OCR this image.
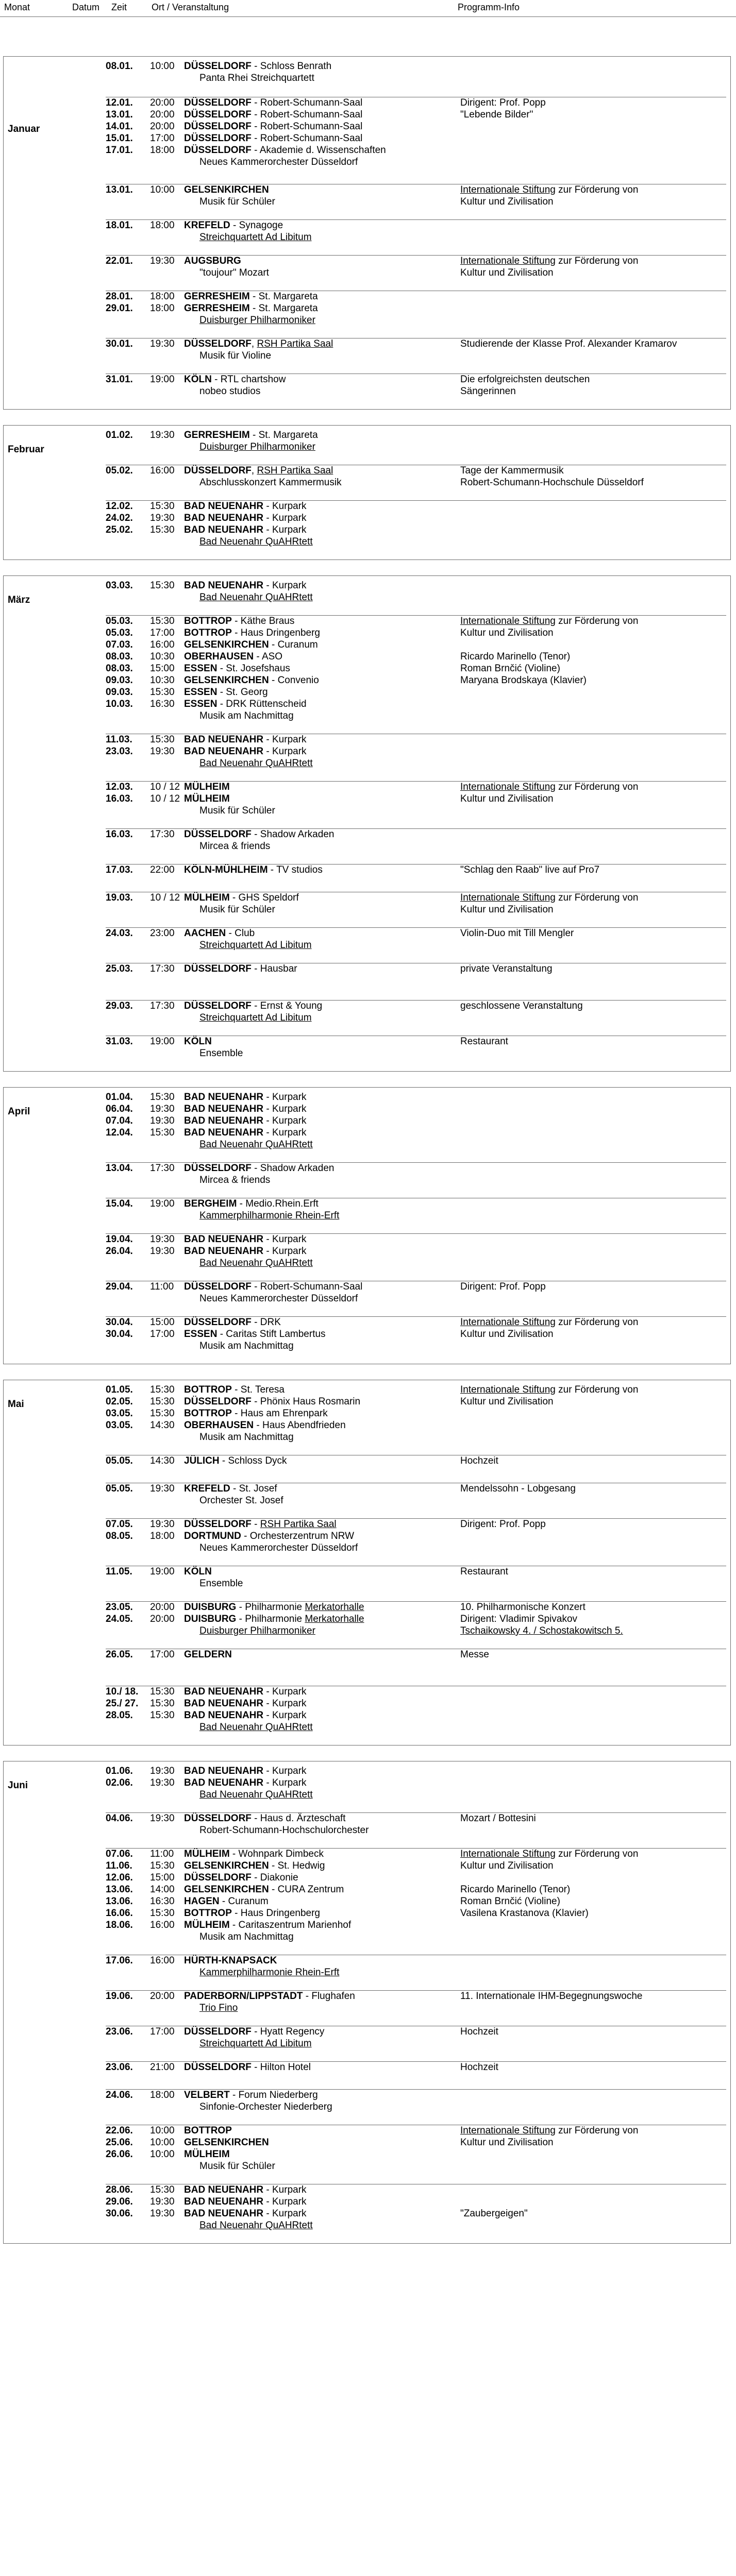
Monat	Datum Zeit	Ort / Veranstaltung	Programm-Info
Januar
08.01.	10:00 DÜSSELDORF - Schloss Benrath
Panta Rhei Streichquartett
12.01.	20:00 DÜSSELDORF - Robert-Schumann-Saal	Dirigent: Prof. Popp
13.01.	20:00 DÜSSELDORF - Robert-Schumann-Saal	"Lebende Bilder"
14.01.	20:00 DÜSSELDORF - Robert-Schumann-Saal
15.01.	17:00 DÜSSELDORF - Robert-Schumann-Saal
17.01.	18:00 DÜSSELDORF - Akademie d. Wissenschaften
Neues Kammerorchester Düsseldorf
13.01.	10:00 GELSENKIRCHEN	Internationale Stiftung zur Förderung von
Musik für Schüler	Kultur und Zivilisation
18.01.	18:00 KREFELD - Synagoge
Streichquartett Ad Libitum
22.01.	19:30 AUGSBURG	Internationale Stiftung zur Förderung von
"toujour" Mozart	Kultur und Zivilisation
28.01.	18:00 GERRESHEIM - St. Margareta
29.01.	18:00 GERRESHEIM - St. Margareta
Duisburger Philharmoniker
30.01.	19:30 DÜSSELDORF, RSH Partika Saal	Studierende der Klasse Prof. Alexander Kramarov
Musik für Violine
31.01.	19:00 KÖLN - RTL chartshow	Die erfolgreichsten deutschen
nobeo studios	Sängerinnen
Februar
01.02.	19:30 GERRESHEIM - St. Margareta
Duisburger Philharmoniker
05.02.	16:00 DÜSSELDORF, RSH Partika Saal	Tage der Kammermusik
Abschlusskonzert Kammermusik	Robert-Schumann-Hochschule Düsseldorf
12.02.	15:30 BAD NEUENAHR - Kurpark
24.02.	19:30 BAD NEUENAHR - Kurpark
25.02.	15:30 BAD NEUENAHR - Kurpark
Bad Neuenahr QuAHRtett
März
03.03.	15:30 BAD NEUENAHR - Kurpark
Bad Neuenahr QuAHRtett
05.03.	15:30 BOTTROP - Käthe Braus	Internationale Stiftung zur Förderung von
05.03.	17:00 BOTTROP - Haus Dringenberg	Kultur und Zivilisation
07.03.	16:00 GELSENKIRCHEN - Curanum
08.03.	10:30 OBERHAUSEN - ASO	Ricardo Marinello (Tenor)
08.03.	15:00 ESSEN - St. Josefshaus	Roman Brnčić (Violine)
09.03.	10:30 GELSENKIRCHEN - Convenio	Maryana Brodskaya (Klavier)
09.03.	15:30 ESSEN - St. Georg
10.03.	16:30 ESSEN - DRK Rüttenscheid
Musik am Nachmittag
11.03.	15:30 BAD NEUENAHR - Kurpark
23.03.	19:30 BAD NEUENAHR - Kurpark
Bad Neuenahr QuAHRtett
12.03.	10 / 12 MÜLHEIM	Internationale Stiftung zur Förderung von
16.03.	10 / 12 MÜLHEIM	Kultur und Zivilisation
Musik für Schüler
16.03.	17:30 DÜSSELDORF - Shadow Arkaden
Mircea & friends
17.03.	22:00 KÖLN-MÜHLHEIM - TV studios	"Schlag den Raab" live auf Pro7
19.03.	10 / 12 MÜLHEIM - GHS Speldorf	Internationale Stiftung zur Förderung von
Musik für Schüler	Kultur und Zivilisation
24.03.	23:00 AACHEN - Club	Violin-Duo mit Till Mengler
Streichquartett Ad Libitum
25.03.	17:30 DÜSSELDORF - Hausbar	private Veranstaltung
29.03.	17:30 DÜSSELDORF - Ernst & Young	geschlossene Veranstaltung
Streichquartett Ad Libitum
31.03.	19:00 KÖLN	Restaurant
Ensemble
April
01.04.	15:30 BAD NEUENAHR - Kurpark
06.04.	19:30 BAD NEUENAHR - Kurpark
07.04.	19:30 BAD NEUENAHR - Kurpark
12.04.	15:30 BAD NEUENAHR - Kurpark
Bad Neuenahr QuAHRtett
13.04.	17:30 DÜSSELDORF - Shadow Arkaden
Mircea & friends
15.04.	19:00 BERGHEIM - Medio.Rhein.Erft
Kammerphilharmonie Rhein-Erft
19.04.	19:30 BAD NEUENAHR - Kurpark
26.04.	19:30 BAD NEUENAHR - Kurpark
Bad Neuenahr QuAHRtett
29.04.	11:00	DÜSSELDORF - Robert-Schumann-Saal	Dirigent: Prof. Popp
Neues Kammerorchester Düsseldorf
30.04.	15:00 DÜSSELDORF - DRK	Internationale Stiftung zur Förderung von
30.04.	17:00 ESSEN - Caritas Stift Lambertus	Kultur und Zivilisation
Musik am Nachmittag
Mai
01.05.	15:30 BOTTROP - St. Teresa	Internationale Stiftung zur Förderung von
02.05.	15:30 DÜSSELDORF - Phönix Haus Rosmarin	Kultur und Zivilisation
03.05.	15:30 BOTTROP - Haus am Ehrenpark
03.05.	14:30 OBERHAUSEN - Haus Abendfrieden
Musik am Nachmittag
05.05.	14:30 JÜLICH - Schloss Dyck	Hochzeit
05.05.	19:30 KREFELD - St. Josef	Mendelssohn - Lobgesang
Orchester St. Josef
07.05.	19:30 DÜSSELDORF - RSH Partika Saal	Dirigent: Prof. Popp
08.05.	18:00 DORTMUND - Orchesterzentrum NRW
Neues Kammerorchester Düsseldorf
11.05.	19:00 KÖLN	Restaurant
Ensemble
23.05.	20:00 DUISBURG - Philharmonie Merkatorhalle	10. Philharmonische Konzert
24.05.	20:00 DUISBURG - Philharmonie Merkatorhalle	Dirigent: Vladimir Spivakov
Duisburger Philharmoniker	Tschaikowsky 4. / Schostakowitsch 5.
26.05.	17:00 GELDERN	Messe
10./ 18.	15:30 BAD NEUENAHR - Kurpark
25./ 27.	15:30 BAD NEUENAHR - Kurpark
28.05.	15:30 BAD NEUENAHR - Kurpark
Bad Neuenahr QuAHRtett
Juni
01.06.	19:30 BAD NEUENAHR - Kurpark
02.06.	19:30 BAD NEUENAHR - Kurpark
Bad Neuenahr QuAHRtett
04.06.	19:30 DÜSSELDORF - Haus d. Ärzteschaft	Mozart / Bottesini
Robert-Schumann-Hochschulorchester
07.06.	11:00	MÜLHEIM - Wohnpark Dimbeck	Internationale Stiftung zur Förderung von
11.06.	15:30 GELSENKIRCHEN - St. Hedwig	Kultur und Zivilisation
12.06.	15:00 DÜSSELDORF - Diakonie
13.06.	14:00 GELSENKIRCHEN - CURA Zentrum	Ricardo Marinello (Tenor)
13.06.	16:30 HAGEN - Curanum	Roman Brnčić (Violine)
16.06.	15:30 BOTTROP - Haus Dringenberg	Vasilena Krastanova (Klavier)
18.06.	16:00 MÜLHEIM - Caritaszentrum Marienhof
Musik am Nachmittag
17.06.	16:00 HÜRTH-KNAPSACK
Kammerphilharmonie Rhein-Erft
19.06.	20:00 PADERBORN/LIPPSTADT - Flughafen	11. Internationale IHM-Begegnungswoche
Trio Fino
23.06.	17:00 DÜSSELDORF - Hyatt Regency	Hochzeit
Streichquartett Ad Libitum
23.06.	21:00 DÜSSELDORF - Hilton Hotel	Hochzeit
24.06.	18:00 VELBERT - Forum Niederberg
Sinfonie-Orchester Niederberg
22.06.	10:00 BOTTROP	Internationale Stiftung zur Förderung von
25.06.	10:00 GELSENKIRCHEN	Kultur und Zivilisation
26.06.	10:00 MÜLHEIM
Musik für Schüler
28.06.	15:30 BAD NEUENAHR - Kurpark
29.06.	19:30 BAD NEUENAHR - Kurpark
30.06.	19:30 BAD NEUENAHR - Kurpark	"Zaubergeigen"
Bad Neuenahr QuAHRtett
